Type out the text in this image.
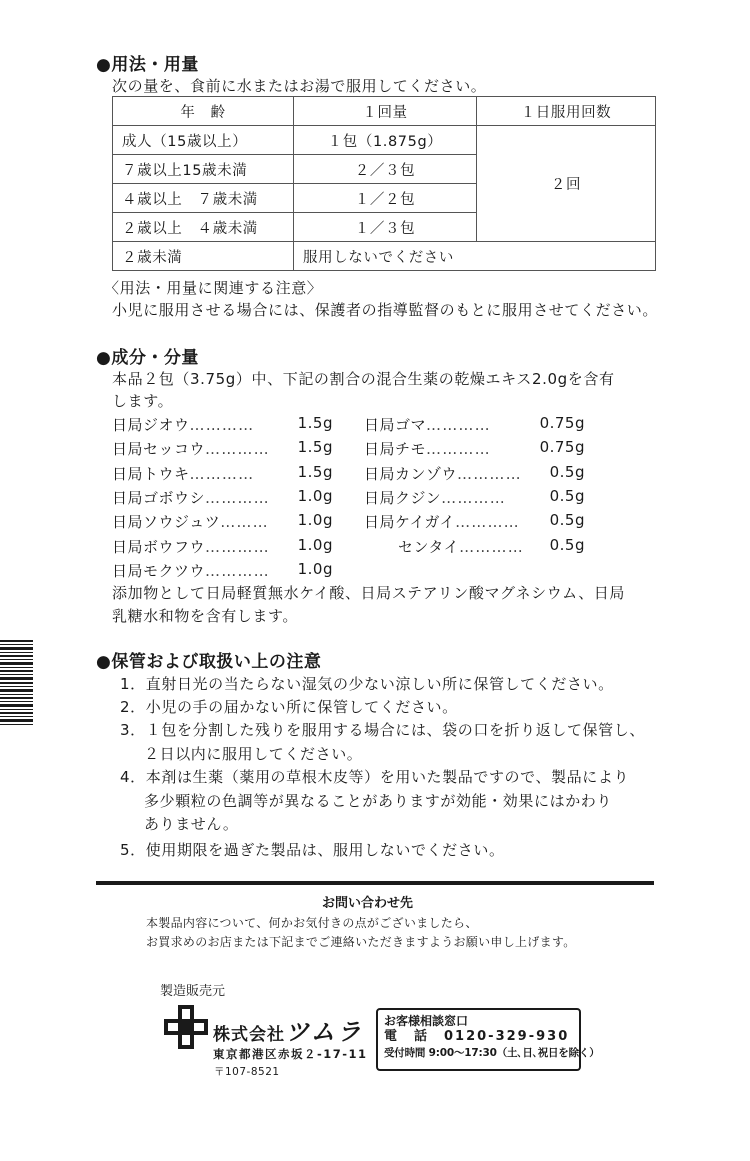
●用法・用量
次の量を、食前に水またはお湯で服用してください。
年　齢	１回量	１日服用回数
成人（15歳以上）	１包（1.875g）	２回
７歳以上15歳未満	２／３包	
４歳以上　７歳未満	１／２包	
２歳以上　４歳未満	１／３包	
２歳未満	服用しないでください	
〈用法・用量に関連する注意〉
小児に服用させる場合には、保護者の指導監督のもとに服用させてください。
●成分・分量
本品２包（3.75g）中、下記の割合の混合生薬の乾燥エキス2.0gを含有
します。
日局ジオウ…………	1.5g
日局セッコウ………… 1.5g
日局トウキ…………	1.5g
日局ゴボウシ………… 1.0g
日局ソウジュツ……… 1.0g
日局ボウフウ………… 1.0g
日局モクツウ………… 1.0g
日局ゴマ…………	0.75g
日局チモ…………	0.75g
日局カンゾウ………… 0.5g
日局クジン…………	0.5g
日局ケイガイ………… 0.5g
センタイ………… 0.5g
添加物として日局軽質無水ケイ酸、日局ステアリン酸マグネシウム、日局
乳糖水和物を含有します。
●保管および取扱い上の注意
1．直射日光の当たらない湿気の少ない涼しい所に保管してください。
2．小児の手の届かない所に保管してください。
3．１包を分割した残りを服用する場合には、袋の口を折り返して保管し、
２日以内に服用してください。
4．本剤は生薬（薬用の草根木皮等）を用いた製品ですので、製品により
多少顆粒の色調等が異なることがありますが効能・効果にはかわり
ありません。
5．使用期限を過ぎた製品は、服用しないでください。
お問い合わせ先
本製品内容について、何かお気付きの点がございましたら、
お買求めのお店または下記までご連絡いただきますようお願い申し上げます。
製造販売元
株式会社ツムラ
東京都港区赤坂２-17-11
〒107-8521
お客様相談窓口
電　話　0120-329-930
受付時間 9:00～17:30（土､日､祝日を除く）
